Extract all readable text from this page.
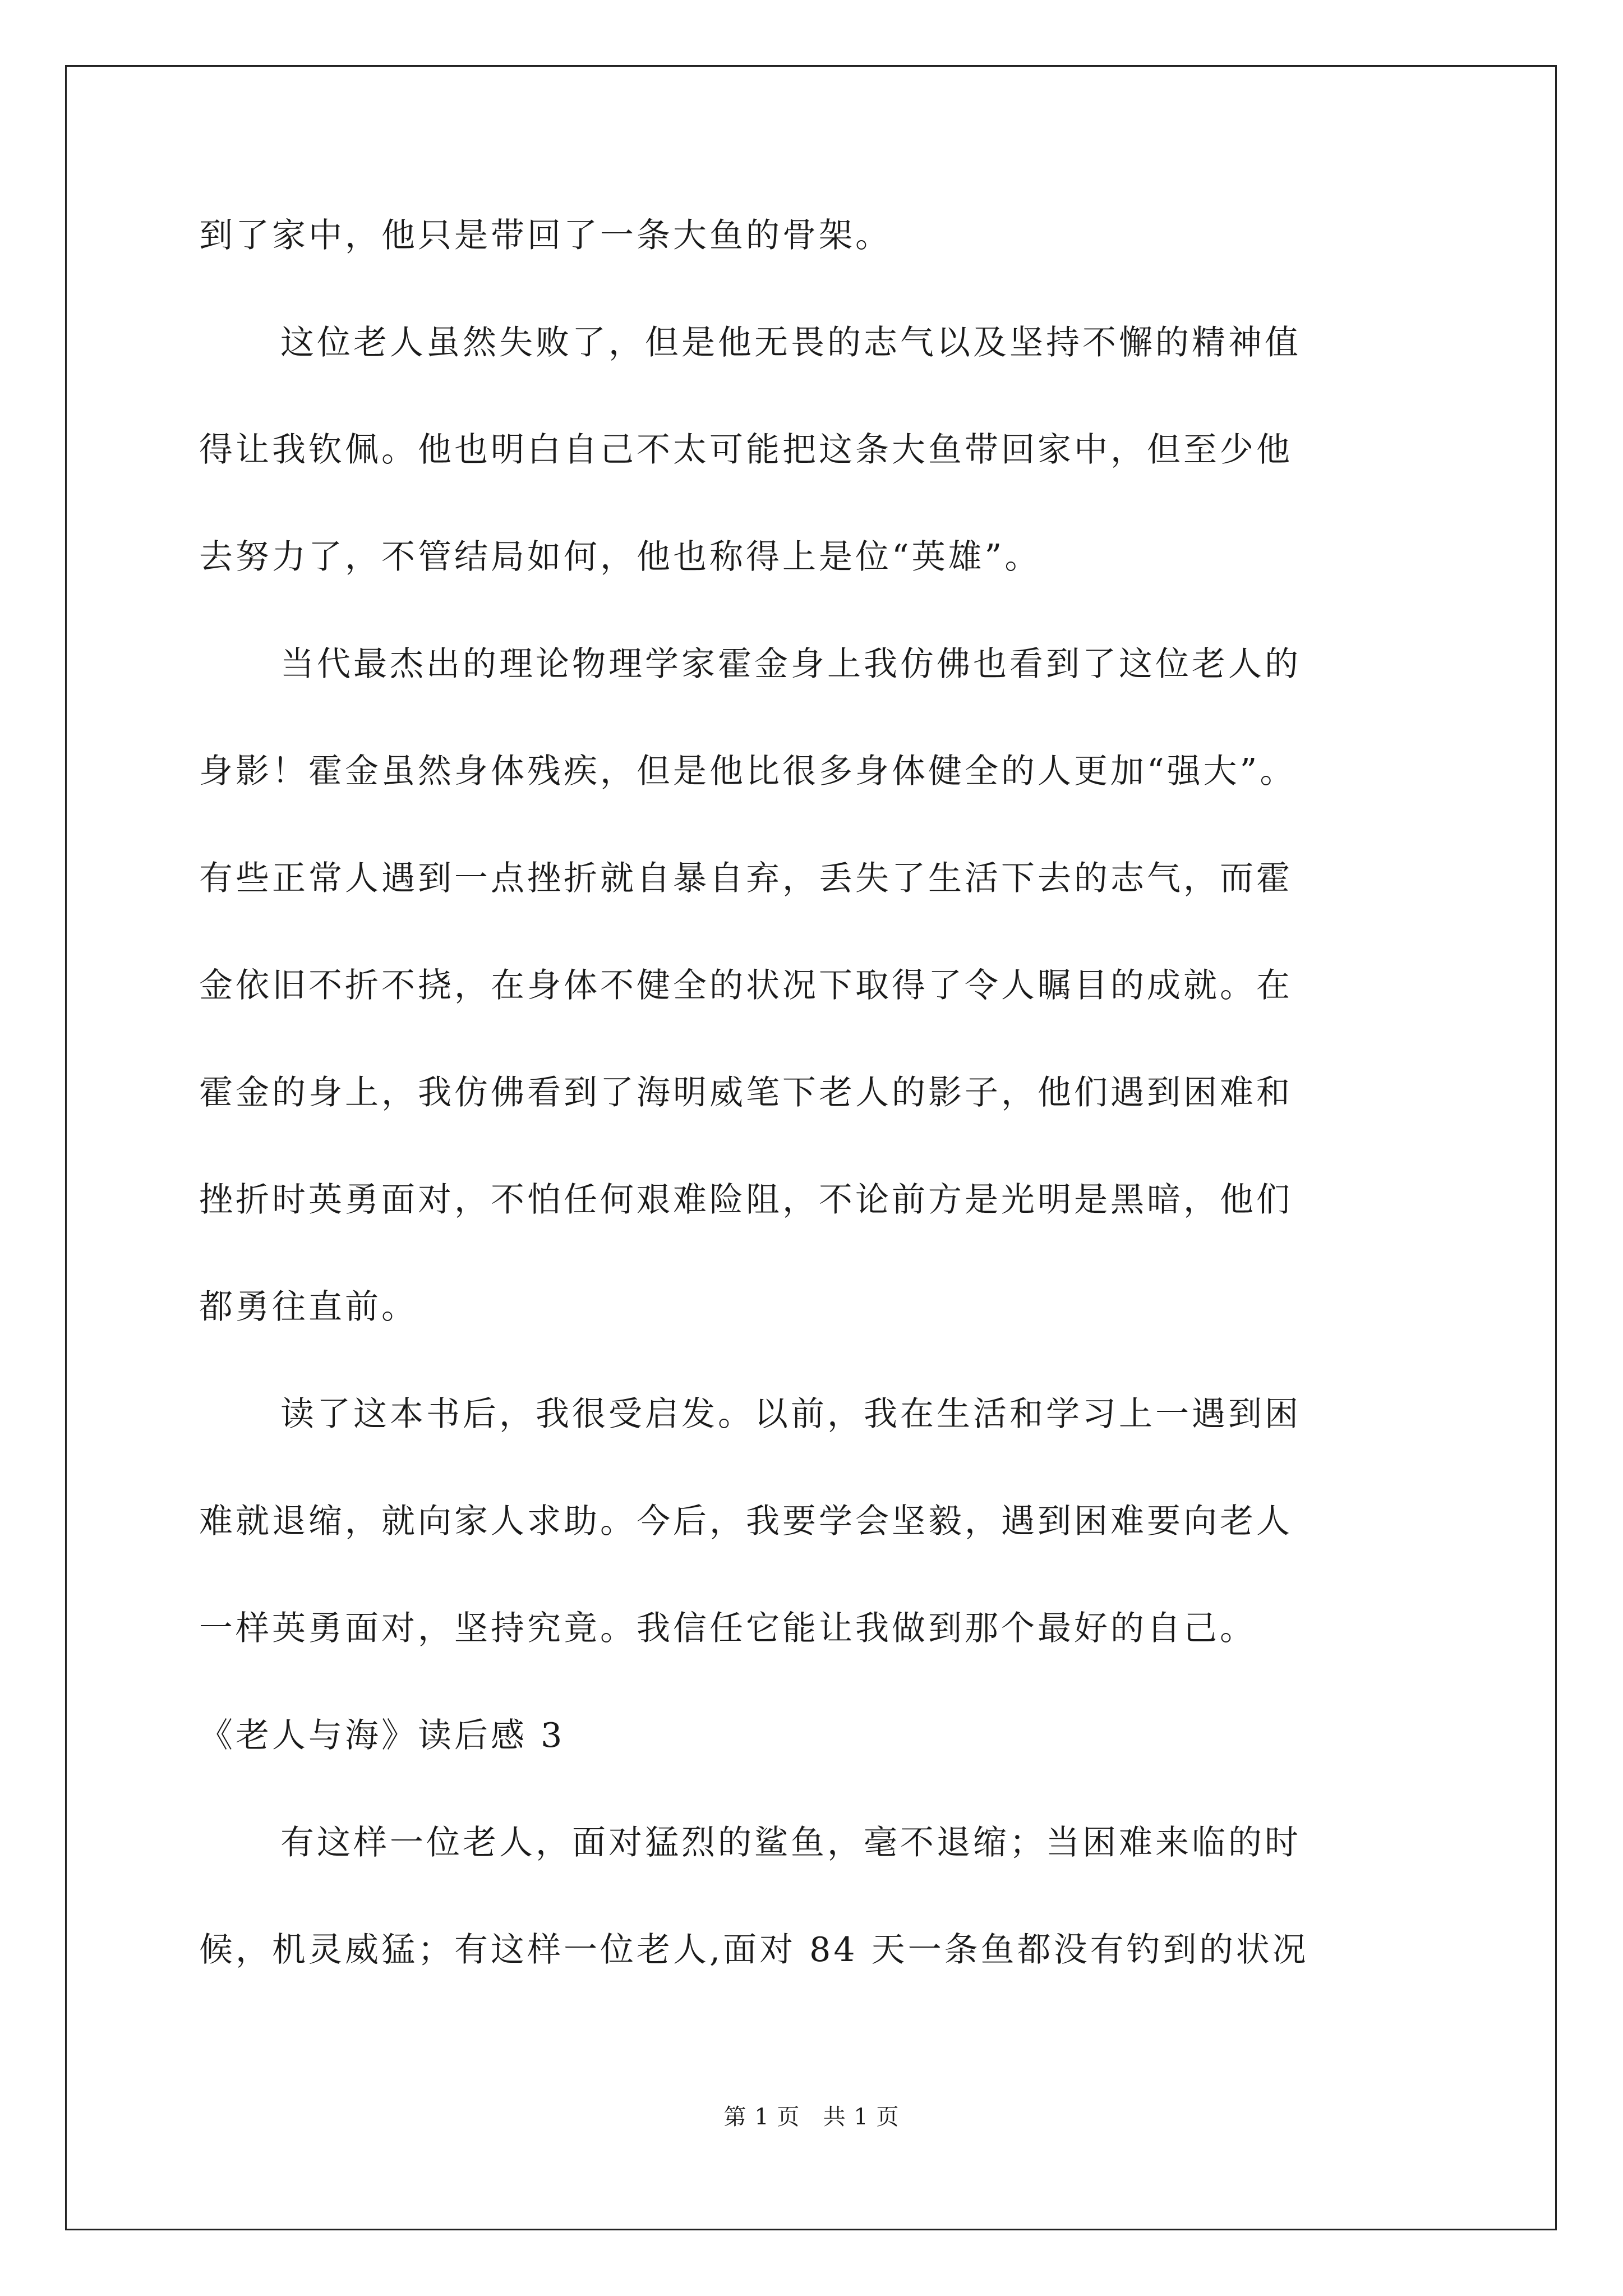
到了家中，他只是带回了一条大鱼的骨架。
这位老人虽然失败了，但是他无畏的志气以及坚持不懈的精神值
得让我钦佩。他也明白自己不太可能把这条大鱼带回家中，但至少他
去努力了，不管结局如何，他也称得上是位“英雄”。
当代最杰出的理论物理学家霍金身上我仿佛也看到了这位老人的
身影！霍金虽然身体残疾，但是他比很多身体健全的人更加“强大”。
有些正常人遇到一点挫折就自暴自弃，丢失了生活下去的志气，而霍
金依旧不折不挠，在身体不健全的状况下取得了令人瞩目的成就。在
霍金的身上，我仿佛看到了海明威笔下老人的影子，他们遇到困难和
挫折时英勇面对，不怕任何艰难险阻，不论前方是光明是黑暗，他们
都勇往直前。
读了这本书后，我很受启发。以前，我在生活和学习上一遇到困
难就退缩，就向家人求助。今后，我要学会坚毅，遇到困难要向老人
一样英勇面对，坚持究竟。我信任它能让我做到那个最好的自己。
《老人与海》读后感 3
有这样一位老人，面对猛烈的鲨鱼，毫不退缩；当困难来临的时
候，机灵威猛；有这样一位老人,面对 84 天一条鱼都没有钓到的状况
第 1 页   共 1 页
